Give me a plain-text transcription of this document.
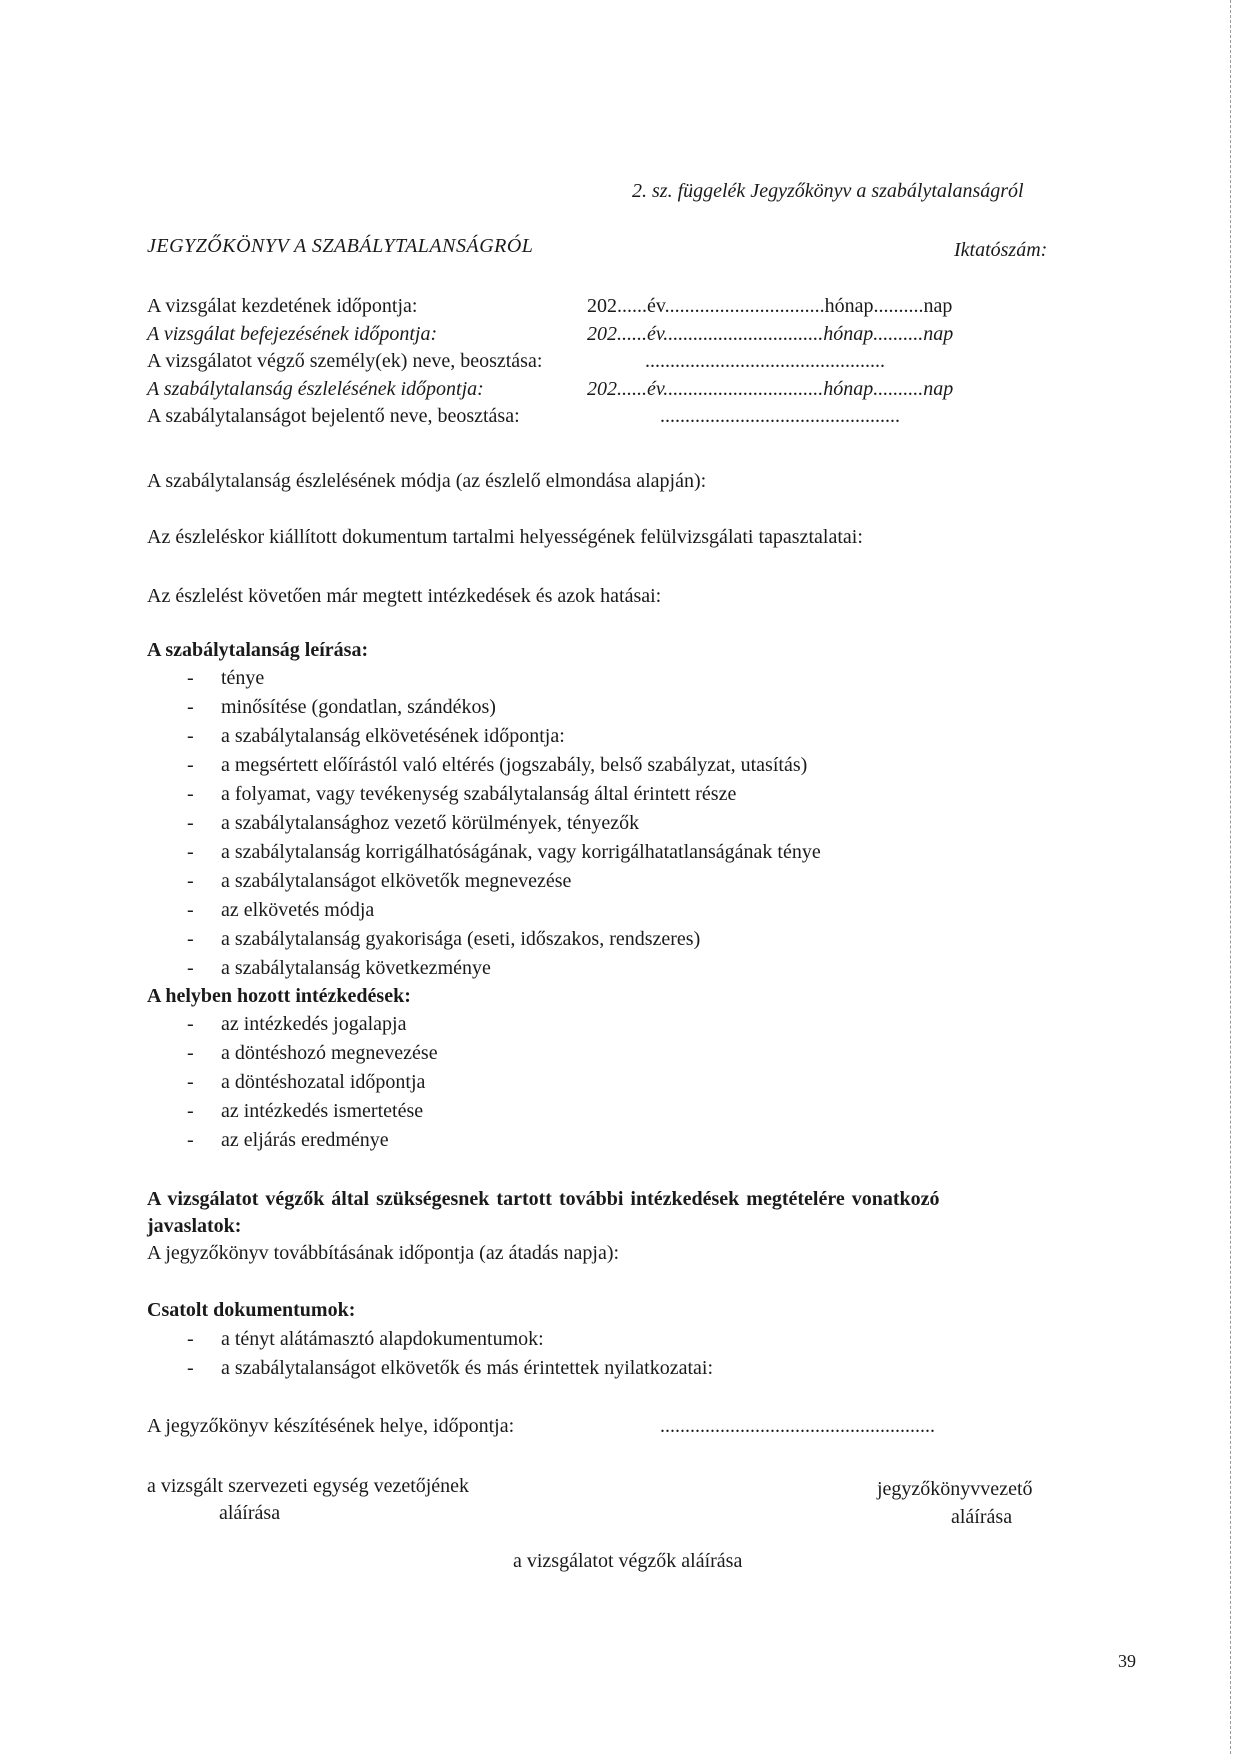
2. sz. függelék Jegyzőkönyv a szabálytalanságról
JEGYZŐKÖNYV A SZABÁLYTALANSÁGRÓL	Iktatószám:
A vizsgálat kezdetének időpontja:	202......év................................hónap..........nap
A vizsgálat befejezésének időpontja:	202......év................................hónap..........nap
A vizsgálatot végző személy(ek) neve, beosztása:	................................................
A szabálytalanság észlelésének időpontja:	202......év................................hónap..........nap
A szabálytalanságot bejelentő neve, beosztása:	................................................
A szabálytalanság észlelésének módja (az észlelő elmondása alapján):
Az észleléskor kiállított dokumentum tartalmi helyességének felülvizsgálati tapasztalatai:
Az észlelést követően már megtett intézkedések és azok hatásai:
A szabálytalanság leírása:
- ténye
- minősítése (gondatlan, szándékos)
- a szabálytalanság elkövetésének időpontja:
- a megsértett előírástól való eltérés (jogszabály, belső szabályzat, utasítás)
- a folyamat, vagy tevékenység szabálytalanság által érintett része
- a szabálytalansághoz vezető körülmények, tényezők
- a szabálytalanság korrigálhatóságának, vagy korrigálhatatlanságának ténye
- a szabálytalanságot elkövetők megnevezése
- az elkövetés módja
- a szabálytalanság gyakorisága (eseti, időszakos, rendszeres)
- a szabálytalanság következménye
A helyben hozott intézkedések:
- az intézkedés jogalapja
- a döntéshozó megnevezése
- a döntéshozatal időpontja
- az intézkedés ismertetése
- az eljárás eredménye
A vizsgálatot végzők által szükségesnek tartott további intézkedések megtételére vonatkozó
javaslatok:
A jegyzőkönyv továbbításának időpontja (az átadás napja):
Csatolt dokumentumok:
- a tényt alátámasztó alapdokumentumok:
- a szabálytalanságot elkövetők és más érintettek nyilatkozatai:
A jegyzőkönyv készítésének helye, időpontja:	.......................................................
a vizsgált szervezeti egység vezetőjének
aláírása
jegyzőkönyvvezető
aláírása
a vizsgálatot végzők aláírása
39
